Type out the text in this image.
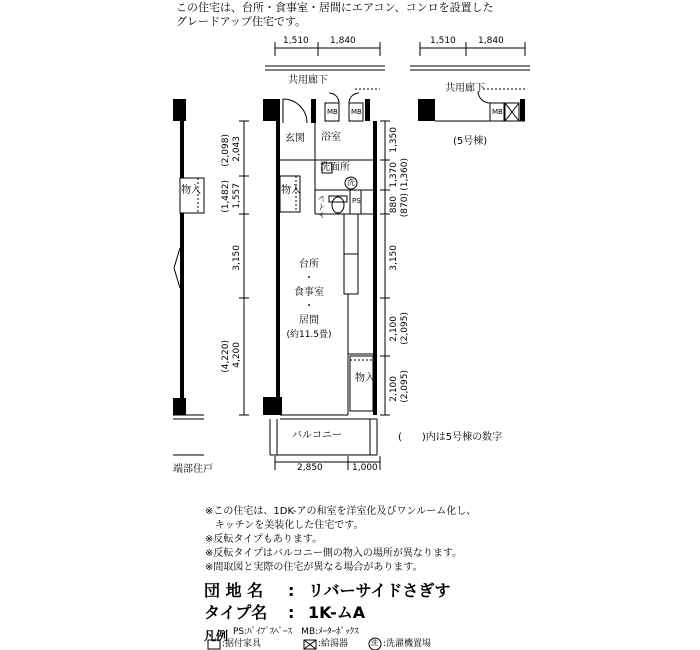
この住宅は、台所・食事室・居間にエアコン、コンロを設置した
グレードアップ住宅です。
1,510 1,840	1,510 1,840
共用廊下
共用廊下
MB MB	MB
(5号棟)
玄関 浴室
洗面所
洗
トイレ	PS
物入
物入
物入
台所
・
食事室
・
居間
(約11.5畳)
バルコニー	(　　)内は5号棟の数字
2,850	1,000
端部住戸
(2,098) 2,043
(1,482) 1,557
3,150
(4,220) 4,200
1,350
1,370 (1,360)
880 (870)
3,150
2,100 (2,095)
2,100 (2,095)
※この住宅は、1DK-アの和室を洋室化及びワンルーム化し、
　キッチンを美装化した住宅です。
※反転タイプもあります。
※反転タイプはバルコニー側の物入の場所が異なります。
※間取図と実際の住宅が異なる場合があります。
団 地 名 : リバーサイドさぎす
タイプ名 : 1K-ムA
凡例 PS:ﾊﾟｲﾌﾟｽﾍﾟｰｽ　MB:ﾒｰﾀｰﾎﾞｯｸｽ
:据付家具	:給湯器	洗 :洗濯機置場
